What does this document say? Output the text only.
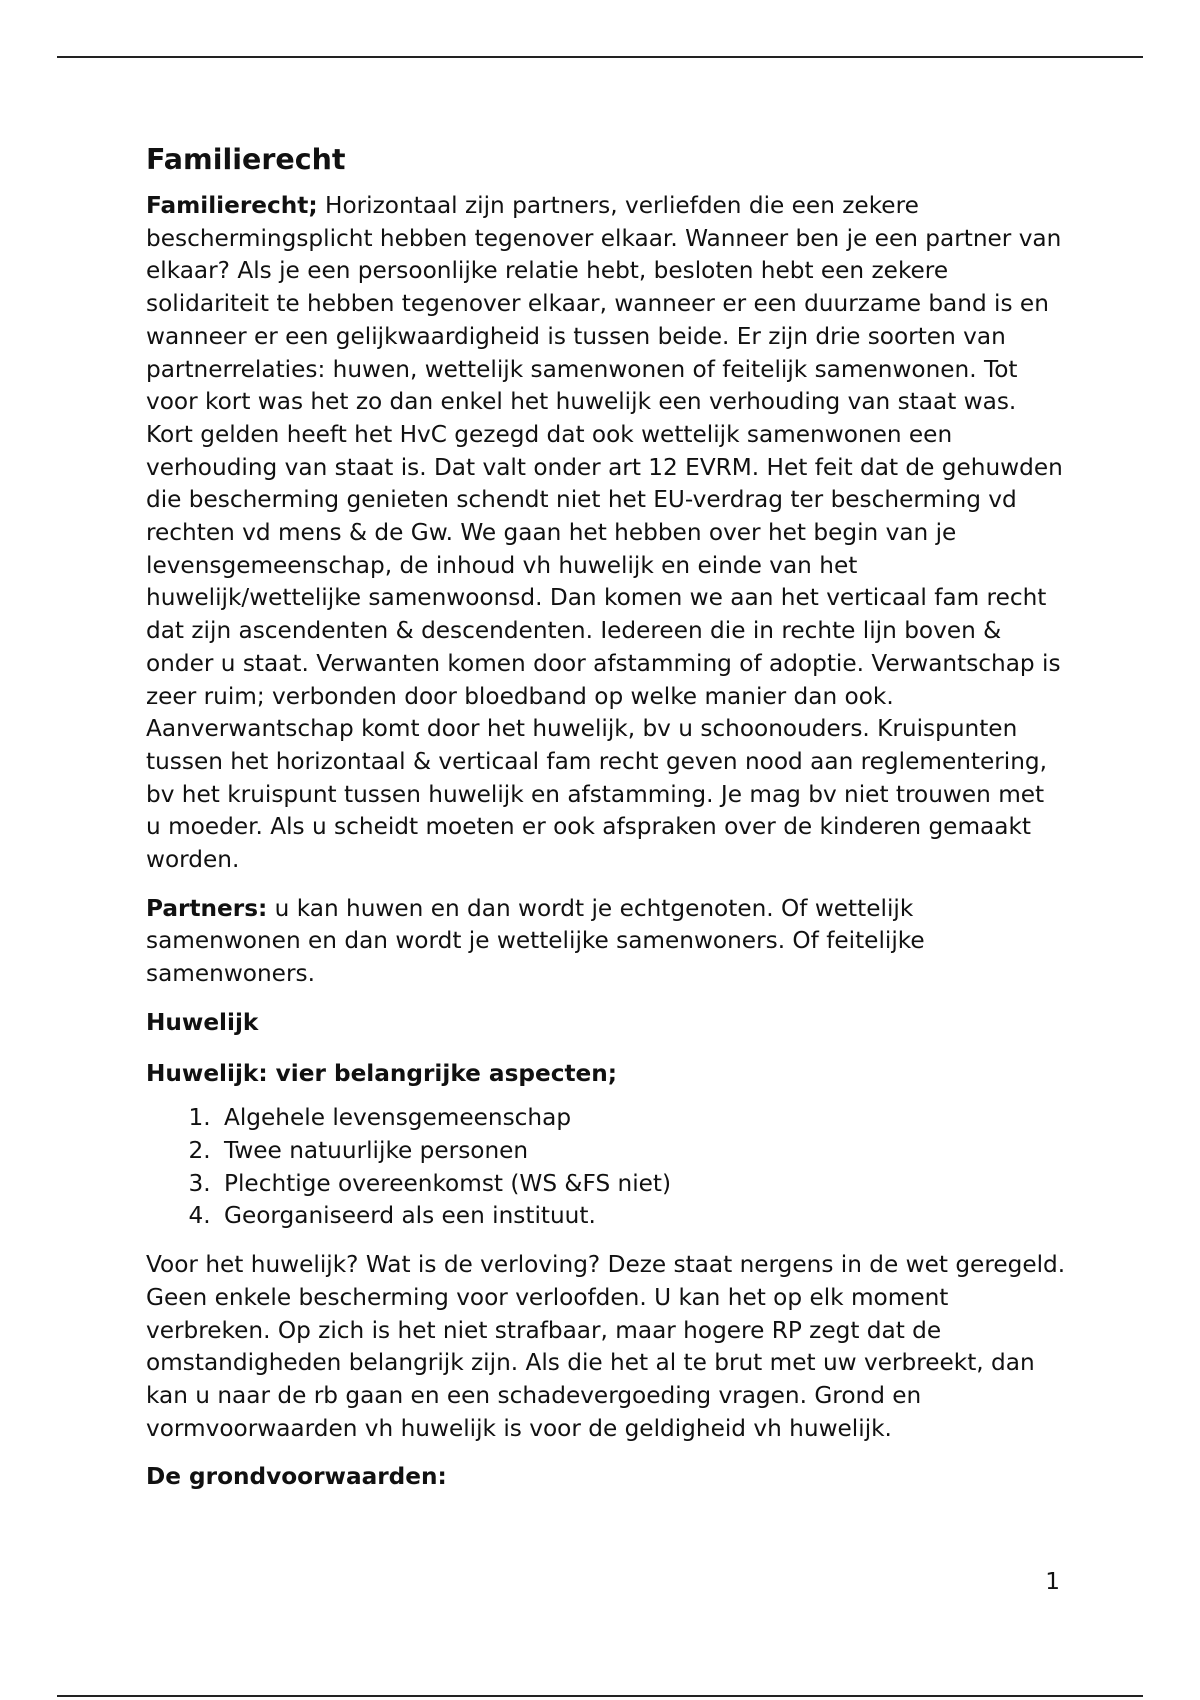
Familierecht

Familierecht; Horizontaal zijn partners, verliefden die een zekere beschermingsplicht hebben tegenover elkaar. Wanneer ben je een partner van elkaar? Als je een persoonlijke relatie hebt, besloten hebt een zekere solidariteit te hebben tegenover elkaar, wanneer er een duurzame band is en wanneer er een gelijkwaardigheid is tussen beide. Er zijn drie soorten van partnerrelaties: huwen, wettelijk samenwonen of feitelijk samenwonen. Tot voor kort was het zo dan enkel het huwelijk een verhouding van staat was. Kort gelden heeft het HvC gezegd dat ook wettelijk samenwonen een verhouding van staat is. Dat valt onder art 12 EVRM. Het feit dat de gehuwden die bescherming genieten schendt niet het EU-verdrag ter bescherming vd rechten vd mens & de Gw. We gaan het hebben over het begin van je levensgemeenschap, de inhoud vh huwelijk en einde van het huwelijk/wettelijke samenwoonsd. Dan komen we aan het verticaal fam recht dat zijn ascendenten & descendenten. Iedereen die in rechte lijn boven & onder u staat. Verwanten komen door afstamming of adoptie. Verwantschap is zeer ruim; verbonden door bloedband op welke manier dan ook. Aanverwantschap komt door het huwelijk, bv u schoonouders. Kruispunten tussen het horizontaal & verticaal fam recht geven nood aan reglementering, bv het kruispunt tussen huwelijk en afstamming. Je mag bv niet trouwen met u moeder. Als u scheidt moeten er ook afspraken over de kinderen gemaakt worden.

Partners: u kan huwen en dan wordt je echtgenoten. Of wettelijk samenwonen en dan wordt je wettelijke samenwoners. Of feitelijke samenwoners.

Huwelijk
Huwelijk: vier belangrijke aspecten;
1. Algehele levensgemeenschap
2. Twee natuurlijke personen
3. Plechtige overeenkomst (WS &FS niet)
4. Georganiseerd als een instituut.

Voor het huwelijk? Wat is de verloving? Deze staat nergens in de wet geregeld. Geen enkele bescherming voor verloofden. U kan het op elk moment verbreken. Op zich is het niet strafbaar, maar hogere RP zegt dat de omstandigheden belangrijk zijn. Als die het al te brut met uw verbreekt, dan kan u naar de rb gaan en een schadevergoeding vragen. Grond en vormvoorwaarden vh huwelijk is voor de geldigheid vh huwelijk.

De grondvoorwaarden:
1
